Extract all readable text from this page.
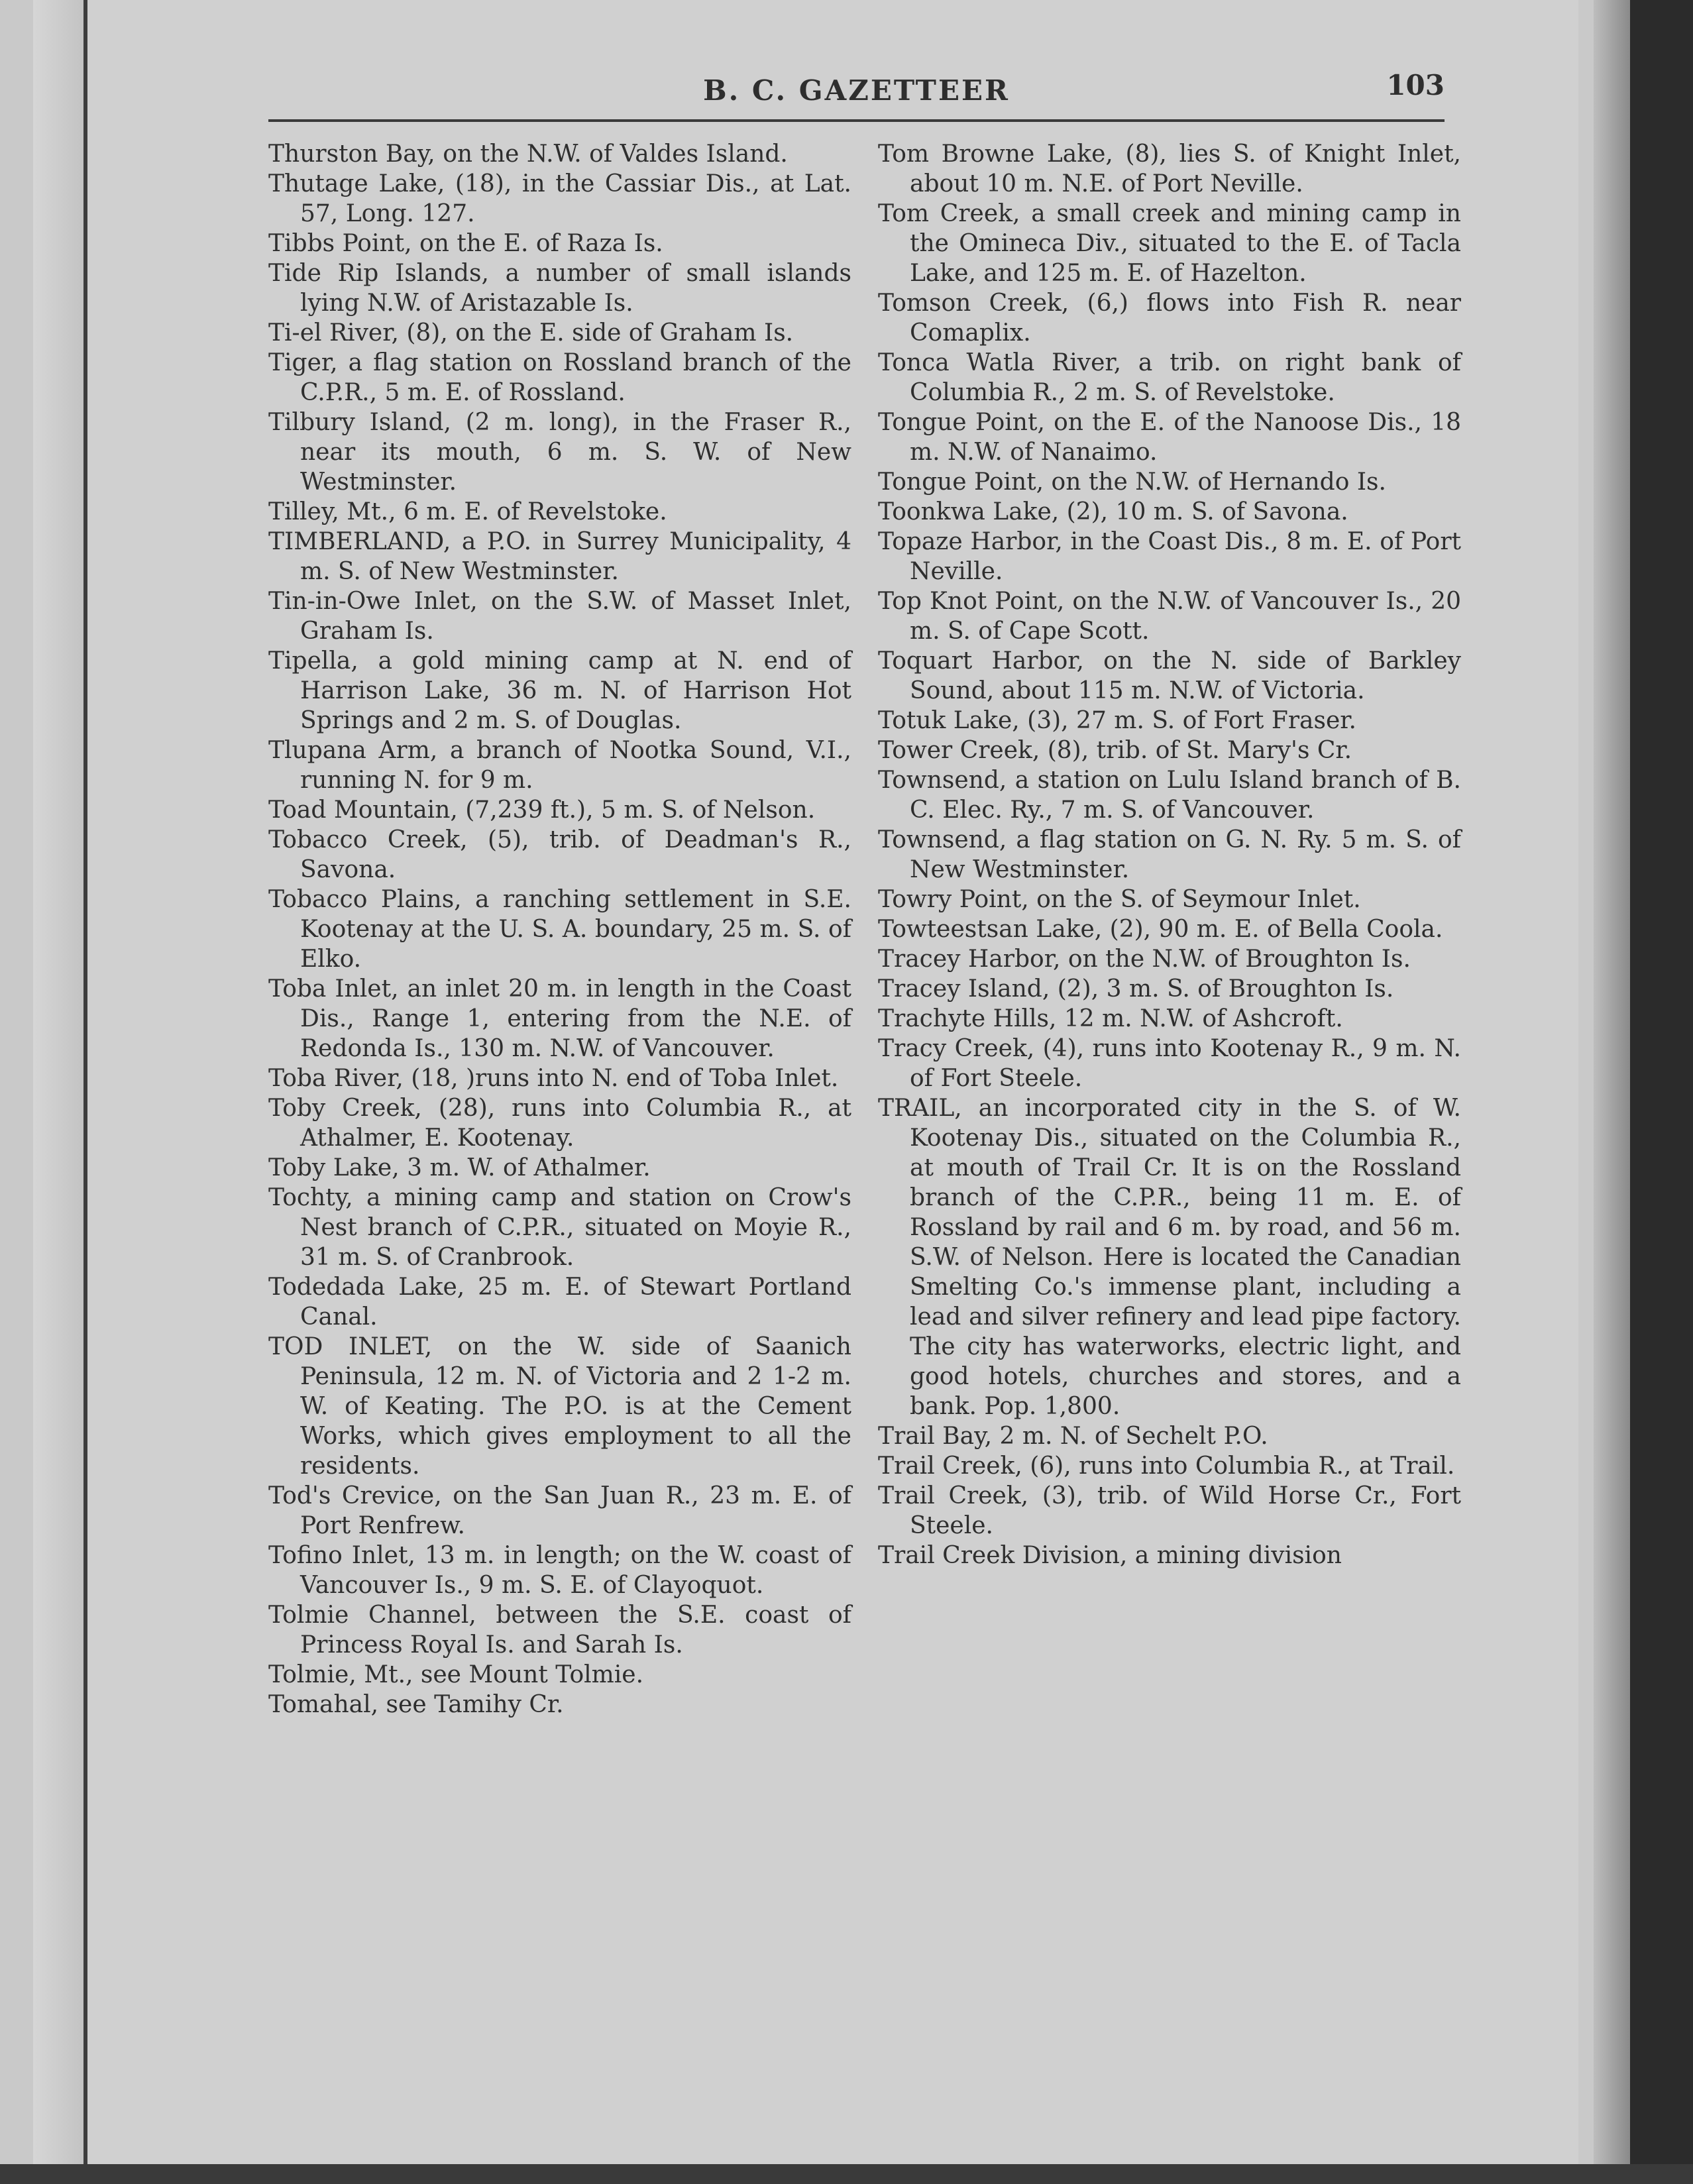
B. C. GAZETTEER	103

Thurston Bay, on the N.W. of Valdes Island.

Thutage Lake, (18), in the Cassiar Dis., at Lat. 57, Long. 127.

Tibbs Point, on the E. of Raza Is.

Tide Rip Islands, a number of small islands lying N.W. of Aristazable Is.

Ti-el River, (8), on the E. side of Graham Is.

Tiger, a flag station on Rossland branch of the C.P.R., 5 m. E. of Rossland.

Tilbury Island, (2 m. long), in the Fraser R., near its mouth, 6 m. S. W. of New Westminster.

Tilley, Mt., 6 m. E. of Revelstoke.

TIMBERLAND, a P.O. in Surrey Municipality, 4 m. S. of New Westminster.

Tin-in-Owe Inlet, on the S.W. of Masset Inlet, Graham Is.

Tipella, a gold mining camp at N. end of Harrison Lake, 36 m. N. of Harrison Hot Springs and 2 m. S. of Douglas.

Tlupana Arm, a branch of Nootka Sound, V.I., running N. for 9 m.

Toad Mountain, (7,239 ft.), 5 m. S. of Nelson.

Tobacco Creek, (5), trib. of Deadman's R., Savona.

Tobacco Plains, a ranching settlement in S.E. Kootenay at the U. S. A. boundary, 25 m. S. of Elko.

Toba Inlet, an inlet 20 m. in length in the Coast Dis., Range 1, entering from the N.E. of Redonda Is., 130 m. N.W. of Vancouver.

Toba River, (18, )runs into N. end of Toba Inlet.

Toby Creek, (28), runs into Columbia R., at Athalmer, E. Kootenay.

Toby Lake, 3 m. W. of Athalmer.

Tochty, a mining camp and station on Crow's Nest branch of C.P.R., situated on Moyie R., 31 m. S. of Cranbrook.

Todedada Lake, 25 m. E. of Stewart Portland Canal.

TOD INLET, on the W. side of Saanich Peninsula, 12 m. N. of Victoria and 2 1-2 m. W. of Keating. The P.O. is at the Cement Works, which gives employment to all the residents.

Tod's Crevice, on the San Juan R., 23 m. E. of Port Renfrew.

Tofino Inlet, 13 m. in length; on the W. coast of Vancouver Is., 9 m. S. E. of Clayoquot.

Tolmie Channel, between the S.E. coast of Princess Royal Is. and Sarah Is.

Tolmie, Mt., see Mount Tolmie.

Tomahal, see Tamihy Cr.

Tom Browne Lake, (8), lies S. of Knight Inlet, about 10 m. N.E. of Port Neville.

Tom Creek, a small creek and mining camp in the Omineca Div., situated to the E. of Tacla Lake, and 125 m. E. of Hazelton.

Tomson Creek, (6,) flows into Fish R. near Comaplix.

Tonca Watla River, a trib. on right bank of Columbia R., 2 m. S. of Revelstoke.

Tongue Point, on the E. of the Nanoose Dis., 18 m. N.W. of Nanaimo.

Tongue Point, on the N.W. of Hernando Is.

Toonkwa Lake, (2), 10 m. S. of Savona.

Topaze Harbor, in the Coast Dis., 8 m. E. of Port Neville.

Top Knot Point, on the N.W. of Vancouver Is., 20 m. S. of Cape Scott.

Toquart Harbor, on the N. side of Barkley Sound, about 115 m. N.W. of Victoria.

Totuk Lake, (3), 27 m. S. of Fort Fraser.

Tower Creek, (8), trib. of St. Mary's Cr.

Townsend, a station on Lulu Island branch of B. C. Elec. Ry., 7 m. S. of Vancouver.

Townsend, a flag station on G. N. Ry. 5 m. S. of New Westminster.

Towry Point, on the S. of Seymour Inlet.

Towteestsan Lake, (2), 90 m. E. of Bella Coola.

Tracey Harbor, on the N.W. of Broughton Is.

Tracey Island, (2), 3 m. S. of Broughton Is.

Trachyte Hills, 12 m. N.W. of Ashcroft.

Tracy Creek, (4), runs into Kootenay R., 9 m. N. of Fort Steele.

TRAIL, an incorporated city in the S. of W. Kootenay Dis., situated on the Columbia R., at mouth of Trail Cr. It is on the Rossland branch of the C.P.R., being 11 m. E. of Rossland by rail and 6 m. by road, and 56 m. S.W. of Nelson. Here is located the Canadian Smelting Co.'s immense plant, including a lead and silver refinery and lead pipe factory. The city has waterworks, electric light, and good hotels, churches and stores, and a bank. Pop. 1,800.

Trail Bay, 2 m. N. of Sechelt P.O.

Trail Creek, (6), runs into Columbia R., at Trail.

Trail Creek, (3), trib. of Wild Horse Cr., Fort Steele.

Trail Creek Division, a mining division
